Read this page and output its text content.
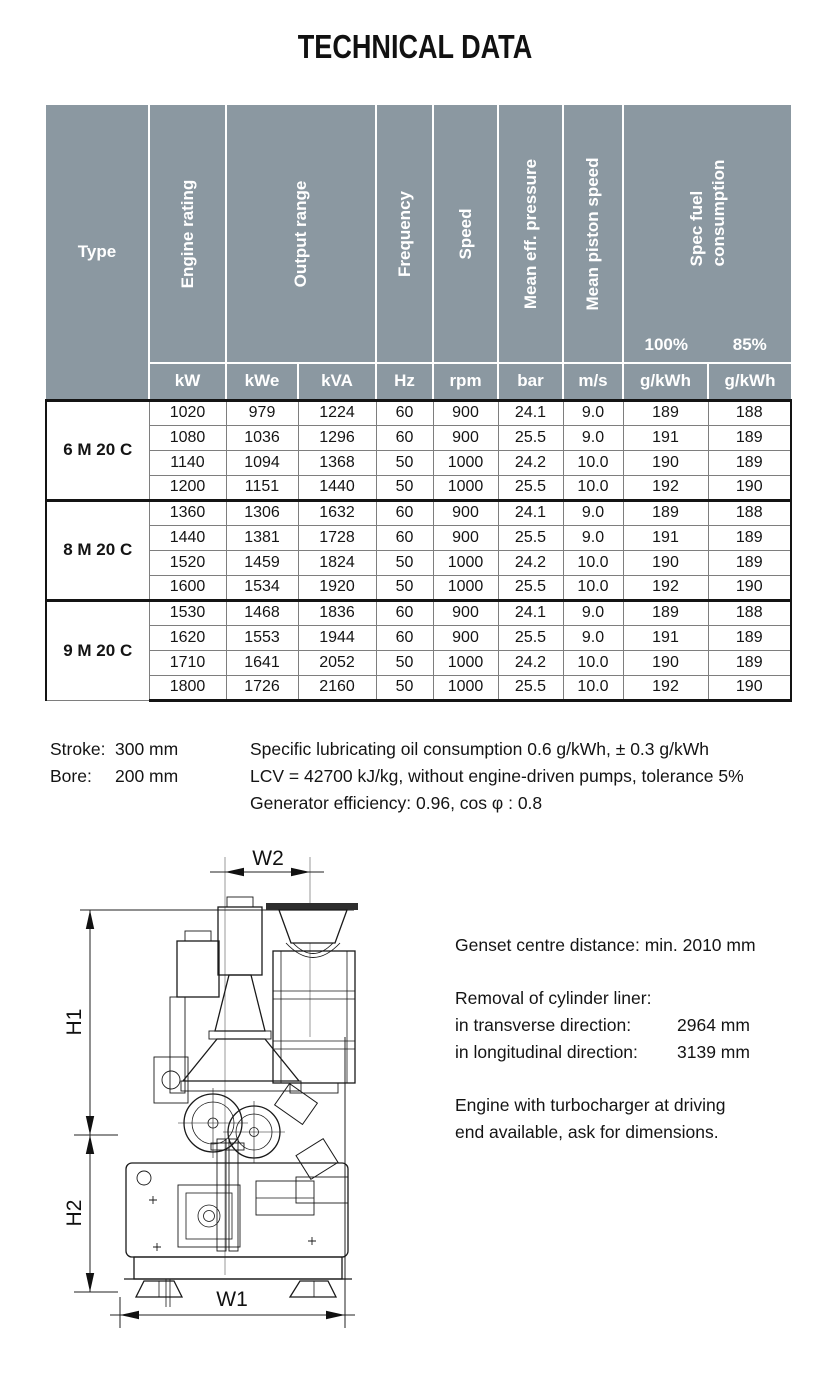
TECHNICAL DATA
Type	Engine rating	Output range		Frequency	Speed	Mean eff. pressure	Mean piston speed	Spec fuel consumption
100% 85%	

	kW	kWe	kVA	Hz	rpm	bar	m/s	g/kWh	g/kWh
6 M 20 C	1020	979	1224	60	900	24.1	9.0	189	188
	1080	1036	1296	60	900	25.5	9.0	191	189
	1140	1094	1368	50	1000	24.2	10.0	190	189
	1200	1151	1440	50	1000	25.5	10.0	192	190
8 M 20 C	1360	1306	1632	60	900	24.1	9.0	189	188
	1440	1381	1728	60	900	25.5	9.0	191	189
	1520	1459	1824	50	1000	24.2	10.0	190	189
	1600	1534	1920	50	1000	25.5	10.0	192	190
9 M 20 C	1530	1468	1836	60	900	24.1	9.0	189	188
	1620	1553	1944	60	900	25.5	9.0	191	189
	1710	1641	2052	50	1000	24.2	10.0	190	189
	1800	1726	2160	50	1000	25.5	10.0	192	190
Stroke: 300 mm
Bore:	200 mm
Specific lubricating oil consumption 0.6 g/kWh, ± 0.3 g/kWh
LCV = 42700 kJ/kg, without engine-driven pumps, tolerance 5%
Generator efficiency: 0.96, cos φ : 0.8
W2
H1
H2
W1
Genset centre distance: min. 2010 mm
Removal of cylinder liner:
in transverse direction:	2964 mm
in longitudinal direction:	3139 mm
Engine with turbocharger at driving
end available, ask for dimensions.
